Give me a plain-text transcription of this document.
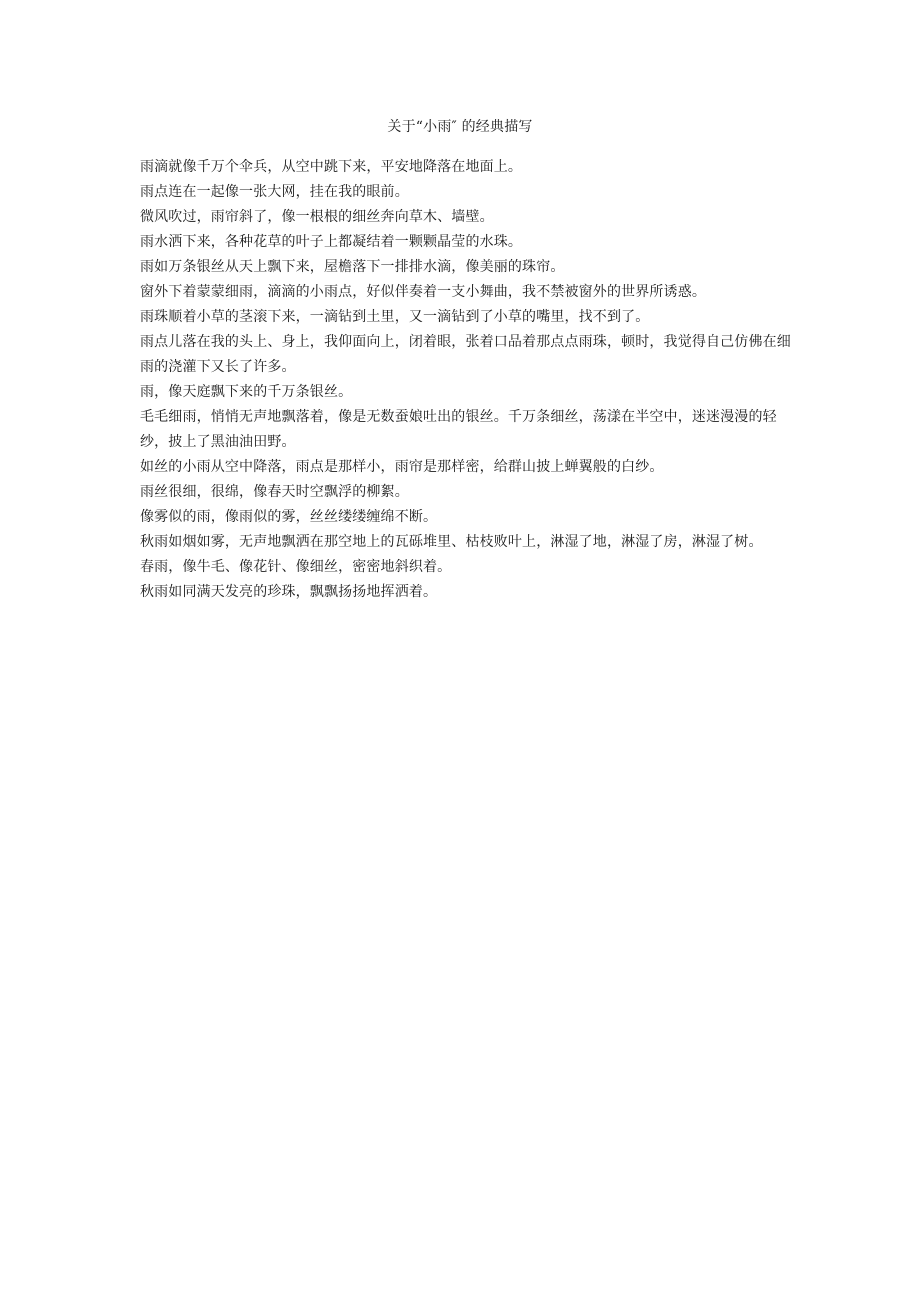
关于“小雨″ 的经典描写

雨滴就像千万个伞兵，从空中跳下来，平安地降落在地面上。

雨点连在一起像一张大网，挂在我的眼前。

微风吹过，雨帘斜了，像一根根的细丝奔向草木、墙壁。

雨水洒下来，各种花草的叶子上都凝结着一颗颗晶莹的水珠。

雨如万条银丝从天上飘下来，屋檐落下一排排水滴，像美丽的珠帘。

窗外下着蒙蒙细雨，滴滴的小雨点，好似伴奏着一支小舞曲，我不禁被窗外的世界所诱惑。

雨珠顺着小草的茎滚下来，一滴钻到土里，又一滴钻到了小草的嘴里，找不到了。

雨点儿落在我的头上、身上，我仰面向上，闭着眼，张着口品着那点点雨珠，顿时，我觉得自己仿佛在细雨的浇灌下又长了许多。

雨，像天庭飘下来的千万条银丝。

毛毛细雨，悄悄无声地飘落着，像是无数蚕娘吐出的银丝。千万条细丝，荡漾在半空中，迷迷漫漫的轻纱，披上了黑油油田野。

如丝的小雨从空中降落，雨点是那样小，雨帘是那样密，给群山披上蝉翼般的白纱。

雨丝很细，很绵，像春天时空飘浮的柳絮。

像雾似的雨，像雨似的雾，丝丝缕缕缠绵不断。

秋雨如烟如雾，无声地飘洒在那空地上的瓦砾堆里、枯枝败叶上，淋湿了地，淋湿了房，淋湿了树。

春雨，像牛毛、像花针、像细丝，密密地斜织着。

秋雨如同满天发亮的珍珠，飘飘扬扬地挥洒着。
